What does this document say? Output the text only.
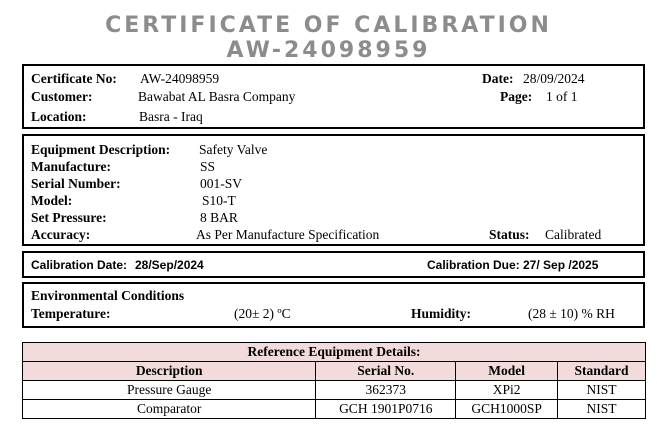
CERTIFICATE OF CALIBRATION
AW-24098959
Certificate No: AW-24098959
Customer:	Bawabat AL Basra Company
Location:	Basra - Iraq
Date: 28/09/2024
Page: 1 of 1
Equipment Description: Safety Valve
Manufacture:	SS
Serial Number:	001-SV
Model:	S10-T
Set Pressure:	8 BAR
Accuracy:	As Per Manufacture Specification	Status: Calibrated
Calibration Date: 28/Sep/2024	Calibration Due: 27/ Sep /2025
Environmental Conditions
Temperature:	(20± 2) ºC	Humidity:	(28 ± 10) % RH
Reference Equipment Details:			
Description	Serial No.	Model	Standard
Pressure Gauge	362373	XPi2	NIST
Comparator	GCH 1901P0716	GCH1000SP	NIST
